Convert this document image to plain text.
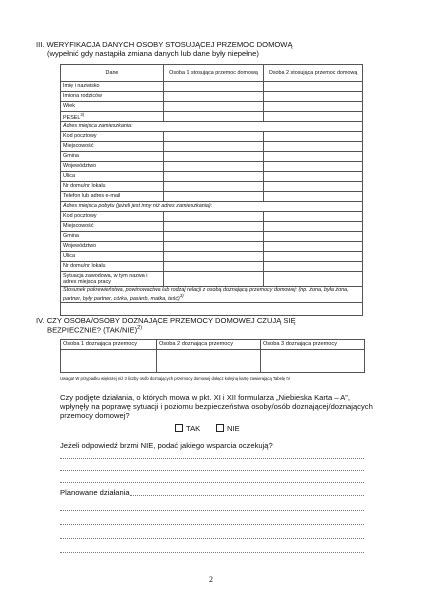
III. WERYFIKACJA DANYCH OSOBY STOSUJĄCEJ PRZEMOC DOMOWĄ
(wypełnić gdy nastąpiła zmiana danych lub dane były niepełne)
Dane	Osoba 1 stosująca przemoc domową	Osoba 2 stosująca przemoc domową
Imię i nazwisko		
Imiona rodziców		
Wiek		
PESEL$^{3)}$		
Adres miejsca zamieszkania:		
Kod pocztowy		
Miejscowość		
Gmina		
Województwo		
Ulica		
Nr domu/nr lokalu		
Telefon lub adres e-mail		
Adres miejsca pobytu (jeżeli jest inny niż adres zamieszkania):		
Kod pocztowy		
Miejscowość		
Gmina		
Województwo		
Ulica		
Nr domu/nr lokalu		
Sytuacja zawodowa, w tym nazwa i adres miejsca pracy		
Stosunek pokrewieństwa, powinowactwa lub rodzaj relacji z osobą doznającą przemocy domowej: (np. żona, była żona, partner, były partner, córka, pasierb, matka, teść)$^{3)}$

IV. CZY OSOBA/OSOBY DOZNAJĄCE PRZEMOCY DOMOWEJ CZUJĄ SIĘ
BEZPIECZNIE? $(TAK/NIE)^{2)}$
Osoba 1 doznająca przemocy	Osoba 2 doznająca przemocy	Osoba 3 doznająca przemocy

Uwaga! W przypadku większej niż 3 liczby osób doznających przemocy domowej dołącz kolejną kartę zawierającą Tabelę IV
Czy podjęte działania, o których mowa w pkt. XI i XII formularza „Niebieska Karta – A”,
wpłynęły na poprawę sytuacji i poziomu bezpieczeństwa osoby/osób doznającej/doznających
przemocy domowej?
TAK	NIE
Jeżeli odpowiedź brzmi NIE, podać jakiego wsparcia oczekują?
Planowane działania
2
